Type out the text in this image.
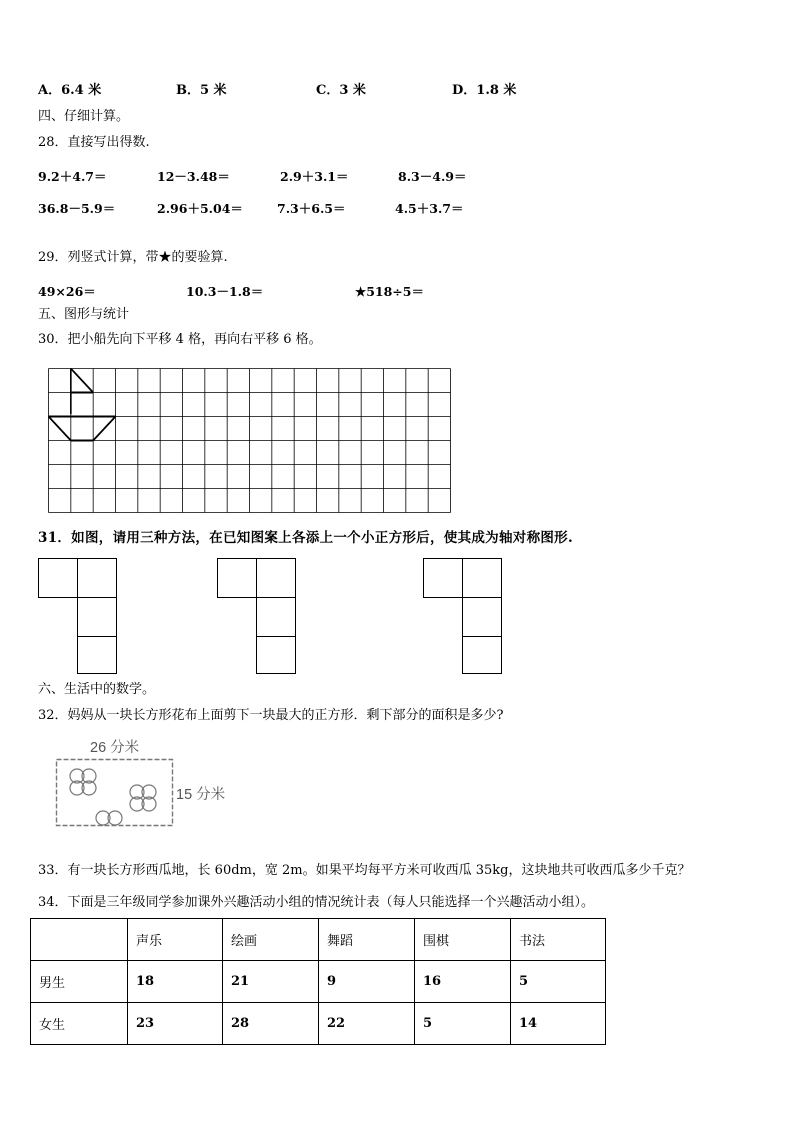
A．6.4 米	B．5 米	C．3 米	D．1.8 米
四、仔细计算。
28．直接写出得数.
9.2＋4.7＝	12－3.48＝	2.9＋3.1＝	8.3－4.9＝
36.8－5.9＝	2.96＋5.04＝	7.3＋6.5＝	4.5＋3.7＝
29．列竖式计算，带★的要验算.
49×26＝	10.3－1.8＝	★518÷5＝
五、图形与统计
30．把小船先向下平移 4 格，再向右平移 6 格。
31．如图，请用三种方法，在已知图案上各添上一个小正方形后，使其成为轴对称图形.
六、生活中的数学。
32．妈妈从一块长方形花布上面剪下一块最大的正方形．剩下部分的面积是多少?
26 分米
15 分米
33．有一块长方形西瓜地，长 60dm，宽 2m。如果平均每平方米可收西瓜 35kg，这块地共可收西瓜多少千克？
34．下面是三年级同学参加课外兴趣活动小组的情况统计表（每人只能选择一个兴趣活动小组）。
	声乐	绘画	舞蹈	围棋	书法
男生	18	21	9	16	5
女生	23	28	22	5	14
